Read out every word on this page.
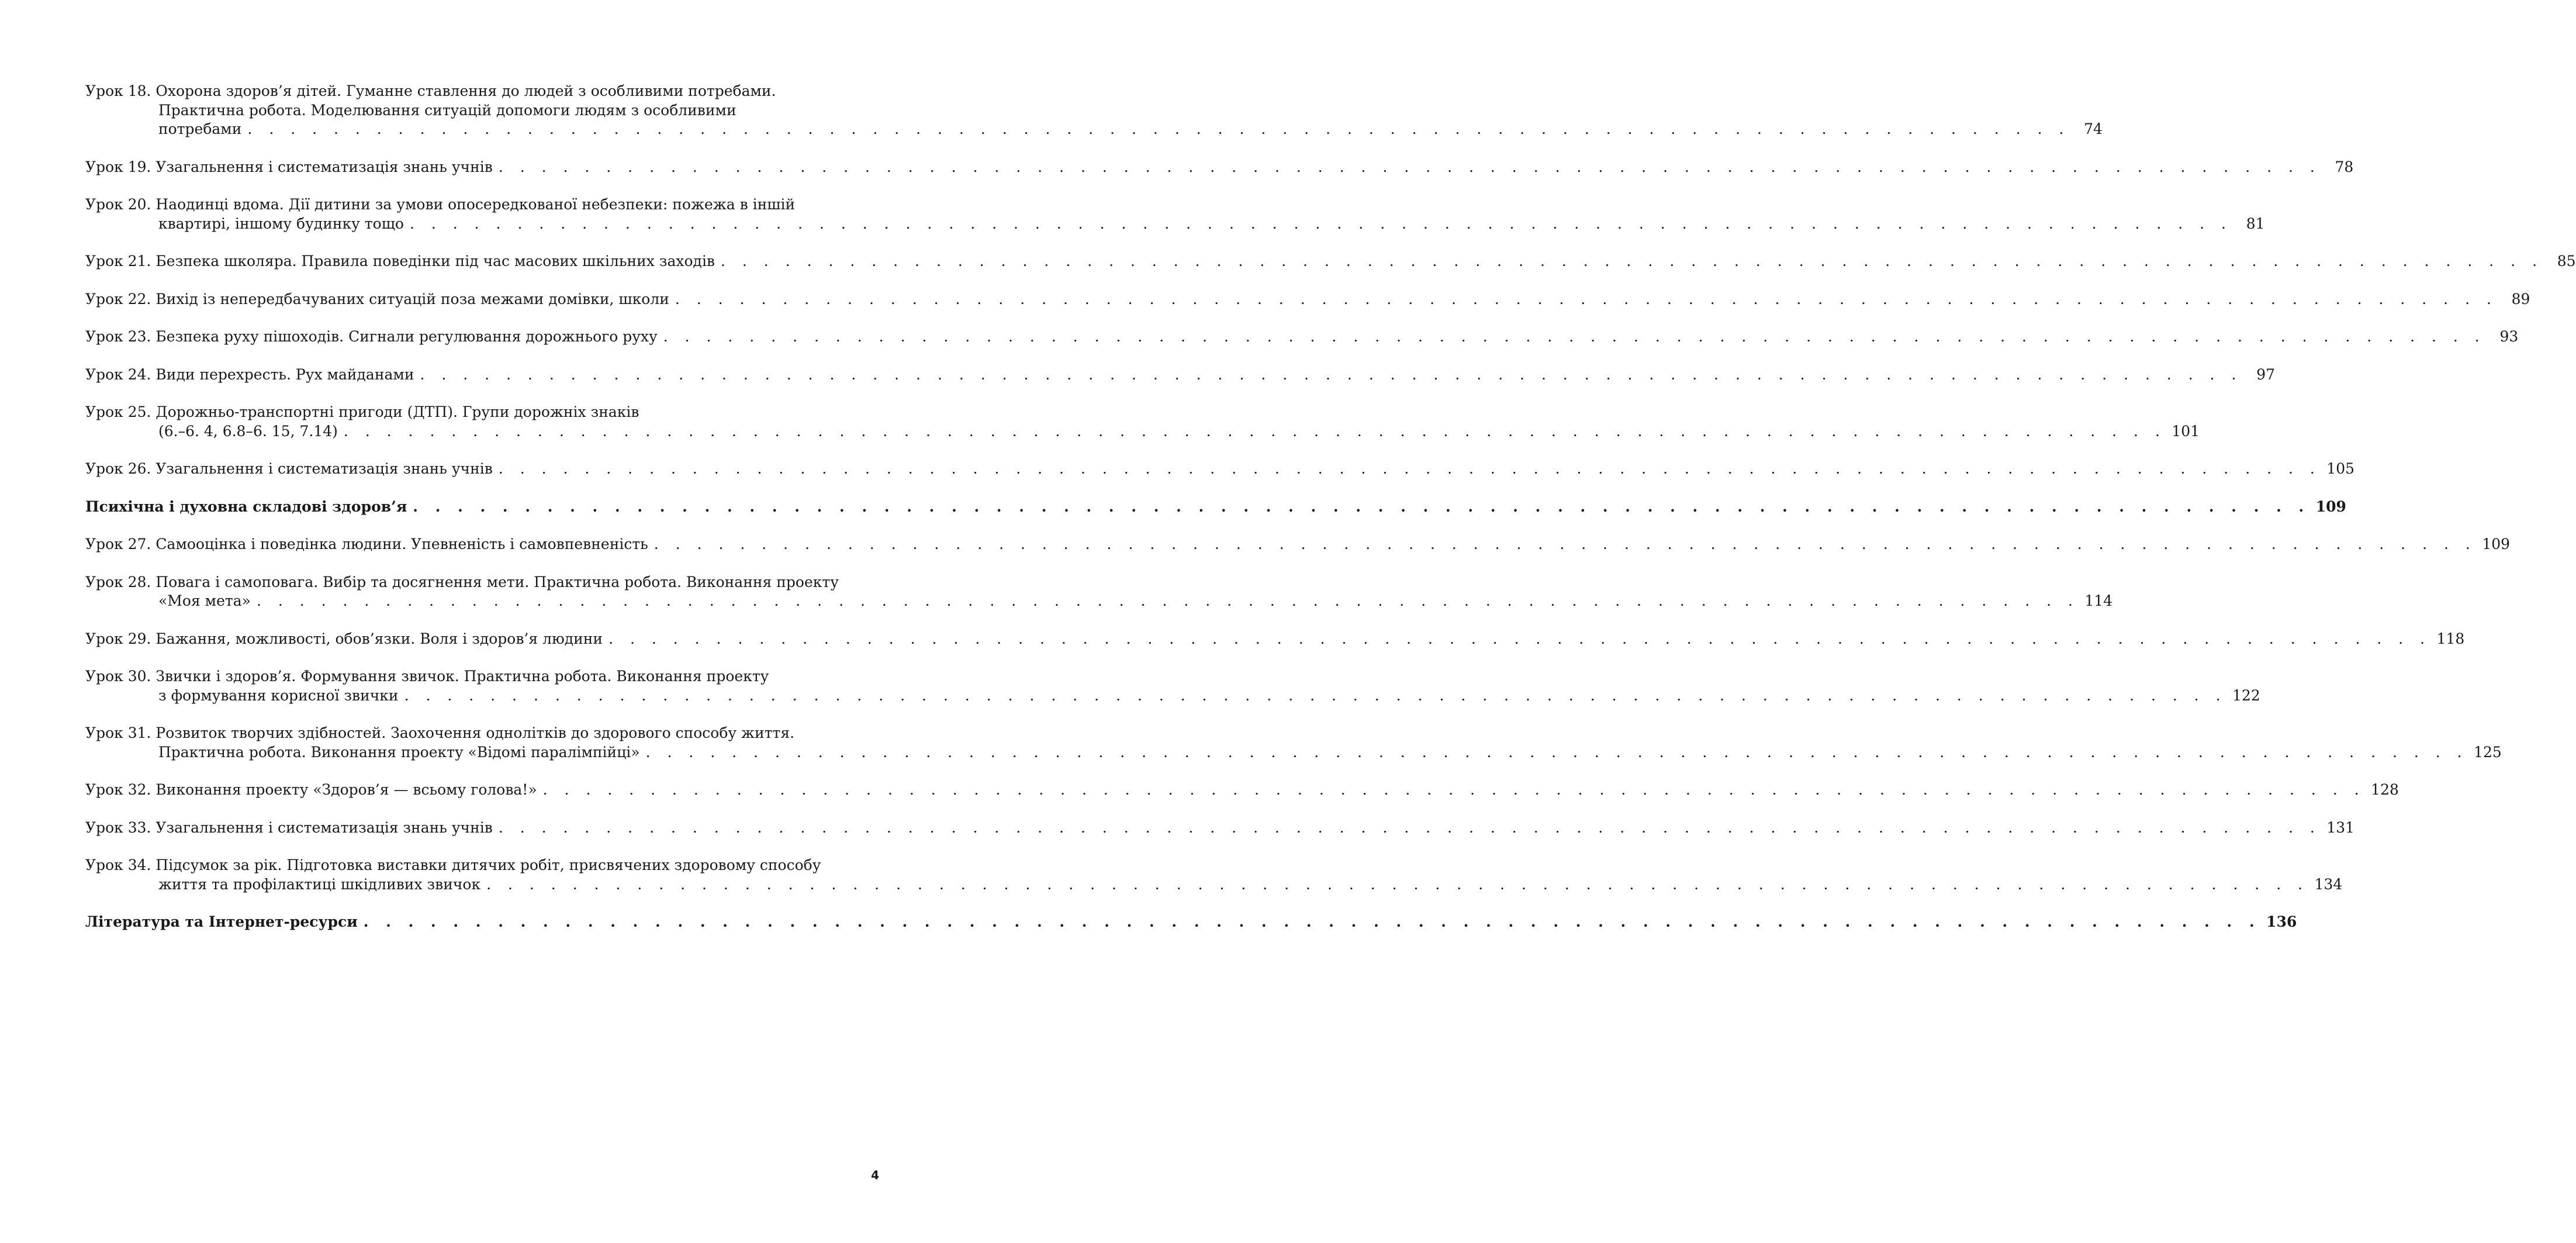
Урок 18. Охорона здоров’я дітей. Гуманне ставлення до людей з особливими потребами.
Практична робота. Моделювання ситуацій допомоги людям з особливими
потребами . . . . . . . . . . . . . . . . . . . . . . . . . . . . . . . . . . . . . . . . . . . . . . . . . . . . . . . . . . . . . . . . . . . . . . . . . . . . . . . . . . . . . 74
Урок 19. Узагальнення і систематизація знань учнів . . . . . . . . . . . . . . . . . . . . . . . . . . . . . . . . . . . . . . . . . . . . . . . . . . . . . . . . . . . . . . . . . . . . . . . . . . . . . . . . . . . . . 78
Урок 20. Наодинці вдома. Дії дитини за умови опосередкованої небезпеки: пожежа в іншій
квартирі, іншому будинку тощо . . . . . . . . . . . . . . . . . . . . . . . . . . . . . . . . . . . . . . . . . . . . . . . . . . . . . . . . . . . . . . . . . . . . . . . . . . . . . . . . . . . . . 81
Урок 21. Безпека школяра. Правила поведінки під час масових шкільних заходів . . . . . . . . . . . . . . . . . . . . . . . . . . . . . . . . . . . . . . . . . . . . . . . . . . . . . . . . . . . . . . . . . . . . . . . . . . . . . . . . . . . . . 85
Урок 22. Вихід із непередбачуваних ситуацій поза межами домівки, школи . . . . . . . . . . . . . . . . . . . . . . . . . . . . . . . . . . . . . . . . . . . . . . . . . . . . . . . . . . . . . . . . . . . . . . . . . . . . . . . . . . . . . 89
Урок 23. Безпека руху пішоходів. Сигнали регулювання дорожнього руху . . . . . . . . . . . . . . . . . . . . . . . . . . . . . . . . . . . . . . . . . . . . . . . . . . . . . . . . . . . . . . . . . . . . . . . . . . . . . . . . . . . . . 93
Урок 24. Види перехресть. Рух майданами . . . . . . . . . . . . . . . . . . . . . . . . . . . . . . . . . . . . . . . . . . . . . . . . . . . . . . . . . . . . . . . . . . . . . . . . . . . . . . . . . . . . . 97
Урок 25. Дорожньо-транспортні пригоди (ДТП). Групи дорожніх знаків
(6.–6. 4, 6.8–6. 15, 7.14) . . . . . . . . . . . . . . . . . . . . . . . . . . . . . . . . . . . . . . . . . . . . . . . . . . . . . . . . . . . . . . . . . . . . . . . . . . . . . . . . . . . . . 101
Урок 26. Узагальнення і систематизація знань учнів . . . . . . . . . . . . . . . . . . . . . . . . . . . . . . . . . . . . . . . . . . . . . . . . . . . . . . . . . . . . . . . . . . . . . . . . . . . . . . . . . . . . . 105
Психічна і духовна складові здоров’я . . . . . . . . . . . . . . . . . . . . . . . . . . . . . . . . . . . . . . . . . . . . . . . . . . . . . . . . . . . . . . . . . . . . . . . . . . . . . . . . . . . . . 109
Урок 27. Самооцінка і поведінка людини. Упевненість і самовпевненість . . . . . . . . . . . . . . . . . . . . . . . . . . . . . . . . . . . . . . . . . . . . . . . . . . . . . . . . . . . . . . . . . . . . . . . . . . . . . . . . . . . . . 109
Урок 28. Повага і самоповага. Вибір та досягнення мети. Практична робота. Виконання проекту
«Моя мета» . . . . . . . . . . . . . . . . . . . . . . . . . . . . . . . . . . . . . . . . . . . . . . . . . . . . . . . . . . . . . . . . . . . . . . . . . . . . . . . . . . . . . 114
Урок 29. Бажання, можливості, обов’язки. Воля і здоров’я людини . . . . . . . . . . . . . . . . . . . . . . . . . . . . . . . . . . . . . . . . . . . . . . . . . . . . . . . . . . . . . . . . . . . . . . . . . . . . . . . . . . . . . 118
Урок 30. Звички і здоров’я. Формування звичок. Практична робота. Виконання проекту
з формування корисної звички . . . . . . . . . . . . . . . . . . . . . . . . . . . . . . . . . . . . . . . . . . . . . . . . . . . . . . . . . . . . . . . . . . . . . . . . . . . . . . . . . . . . . 122
Урок 31. Розвиток творчих здібностей. Заохочення однолітків до здорового способу життя.
Практична робота. Виконання проекту «Відомі паралімпійці» . . . . . . . . . . . . . . . . . . . . . . . . . . . . . . . . . . . . . . . . . . . . . . . . . . . . . . . . . . . . . . . . . . . . . . . . . . . . . . . . . . . . . 125
Урок 32. Виконання проекту «Здоров’я — всьому голова!» . . . . . . . . . . . . . . . . . . . . . . . . . . . . . . . . . . . . . . . . . . . . . . . . . . . . . . . . . . . . . . . . . . . . . . . . . . . . . . . . . . . . . 128
Урок 33. Узагальнення і систематизація знань учнів . . . . . . . . . . . . . . . . . . . . . . . . . . . . . . . . . . . . . . . . . . . . . . . . . . . . . . . . . . . . . . . . . . . . . . . . . . . . . . . . . . . . . 131
Урок 34. Підсумок за рік. Підготовка виставки дитячих робіт, присвячених здоровому способу
життя та профілактиці шкідливих звичок . . . . . . . . . . . . . . . . . . . . . . . . . . . . . . . . . . . . . . . . . . . . . . . . . . . . . . . . . . . . . . . . . . . . . . . . . . . . . . . . . . . . . 134
Література та Інтернет-ресурси . . . . . . . . . . . . . . . . . . . . . . . . . . . . . . . . . . . . . . . . . . . . . . . . . . . . . . . . . . . . . . . . . . . . . . . . . . . . . . . . . . . . . 136
4
